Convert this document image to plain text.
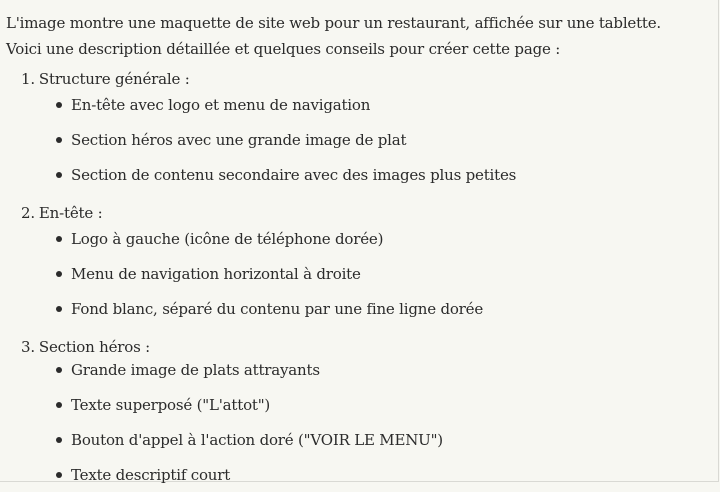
L'image montre une maquette de site web pour un restaurant, affichée sur une tablette.

Voici une description détaillée et quelques conseils pour créer cette page :

1. Structure générale :
En-tête avec logo et menu de navigation
Section héros avec une grande image de plat
Section de contenu secondaire avec des images plus petites
2. En-tête :
Logo à gauche (icône de téléphone dorée)
Menu de navigation horizontal à droite
Fond blanc, séparé du contenu par une fine ligne dorée
3. Section héros :
Grande image de plats attrayants
Texte superposé ("L'attot")
Bouton d'appel à l'action doré ("VOIR LE MENU")
Texte descriptif court
